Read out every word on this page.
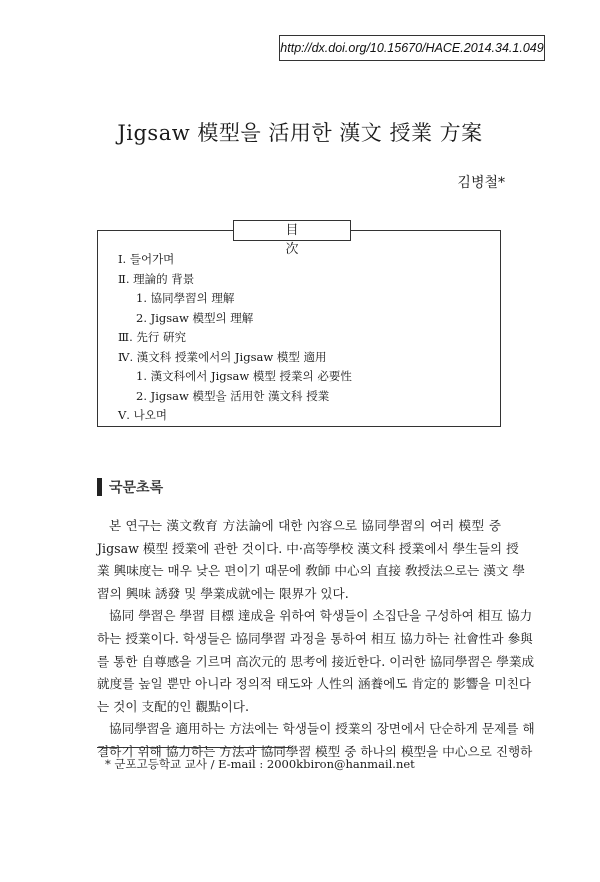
http://dx.doi.org/10.15670/HACE.2014.34.1.049
Jigsaw 模型을 活用한 漢文 授業 方案
김병철*
目 次
Ⅰ. 들어가며
Ⅱ. 理論的 背景
1. 協同學習의 理解
2. Jigsaw 模型의 理解
Ⅲ. 先行 硏究
Ⅳ. 漢文科 授業에서의 Jigsaw 模型 適用
1. 漢文科에서 Jigsaw 模型 授業의 必要性
2. Jigsaw 模型을 活用한 漢文科 授業
Ⅴ. 나오며
국문초록
본 연구는 漢文敎育 方法論에 대한 內容으로 協同學習의 여러 模型 중
Jigsaw 模型 授業에 관한 것이다. 中·高等學校 漢文科 授業에서 學生들의 授
業 興味度는 매우 낮은 편이기 때문에 敎師 中心의 直接 敎授法으로는 漢文 學
習의 興味 誘發 및 學業成就에는 限界가 있다.
協同 學習은 學習 目標 達成을 위하여 학생들이 소집단을 구성하여 相互 協力
하는 授業이다. 학생들은 協同學習 과정을 통하여 相互 協力하는 社會性과 參與
를 통한 自尊感을 기르며 高次元的 思考에 接近한다. 이러한 協同學習은 學業成
就度를 높일 뿐만 아니라 정의적 태도와 人性의 涵養에도 肯定的 影響을 미친다
는 것이 支配的인 觀點이다.
協同學習을 適用하는 方法에는 학생들이 授業의 장면에서 단순하게 문제를 해
결하기 위해 協力하는 方法과 協同學習 模型 중 하나의 模型을 中心으로 진행하
* 군포고등학교 교사 / E-mail : 2000kbiron@hanmail.net
